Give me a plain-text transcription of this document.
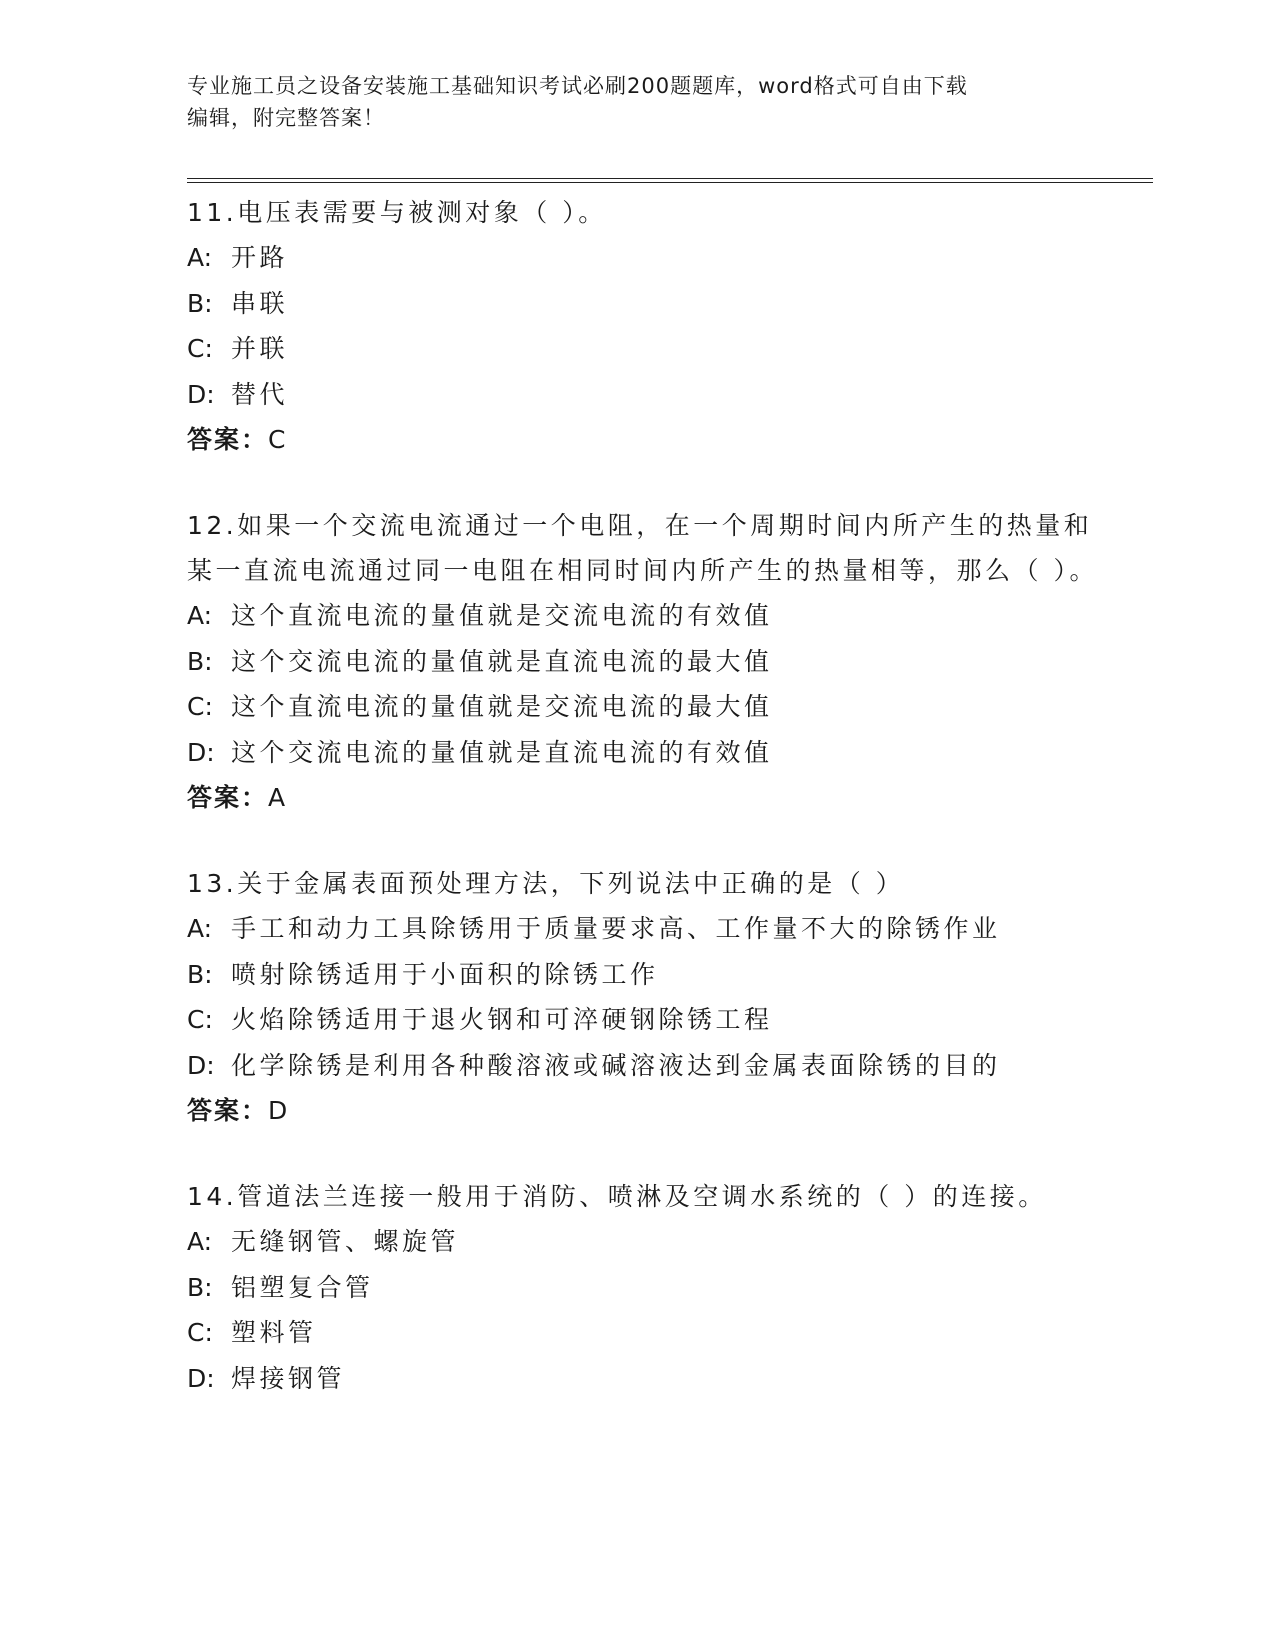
专业施工员之设备安装施工基础知识考试必刷200题题库，word格式可自由下载
编辑，附完整答案！
11.电压表需要与被测对象（ ）。
A: 开路
B: 串联
C: 并联
D: 替代
答案：C
12.如果一个交流电流通过一个电阻，在一个周期时间内所产生的热量和某一直流电流通过同一电阻在相同时间内所产生的热量相等，那么（ ）。
A: 这个直流电流的量值就是交流电流的有效值
B: 这个交流电流的量值就是直流电流的最大值
C: 这个直流电流的量值就是交流电流的最大值
D: 这个交流电流的量值就是直流电流的有效值
答案：A
13.关于金属表面预处理方法，下列说法中正确的是（ ）
A: 手工和动力工具除锈用于质量要求高、工作量不大的除锈作业
B: 喷射除锈适用于小面积的除锈工作
C: 火焰除锈适用于退火钢和可淬硬钢除锈工程
D: 化学除锈是利用各种酸溶液或碱溶液达到金属表面除锈的目的
答案：D
14.管道法兰连接一般用于消防、喷淋及空调水系统的（ ）的连接。
A: 无缝钢管、螺旋管
B: 铝塑复合管
C: 塑料管
D: 焊接钢管
